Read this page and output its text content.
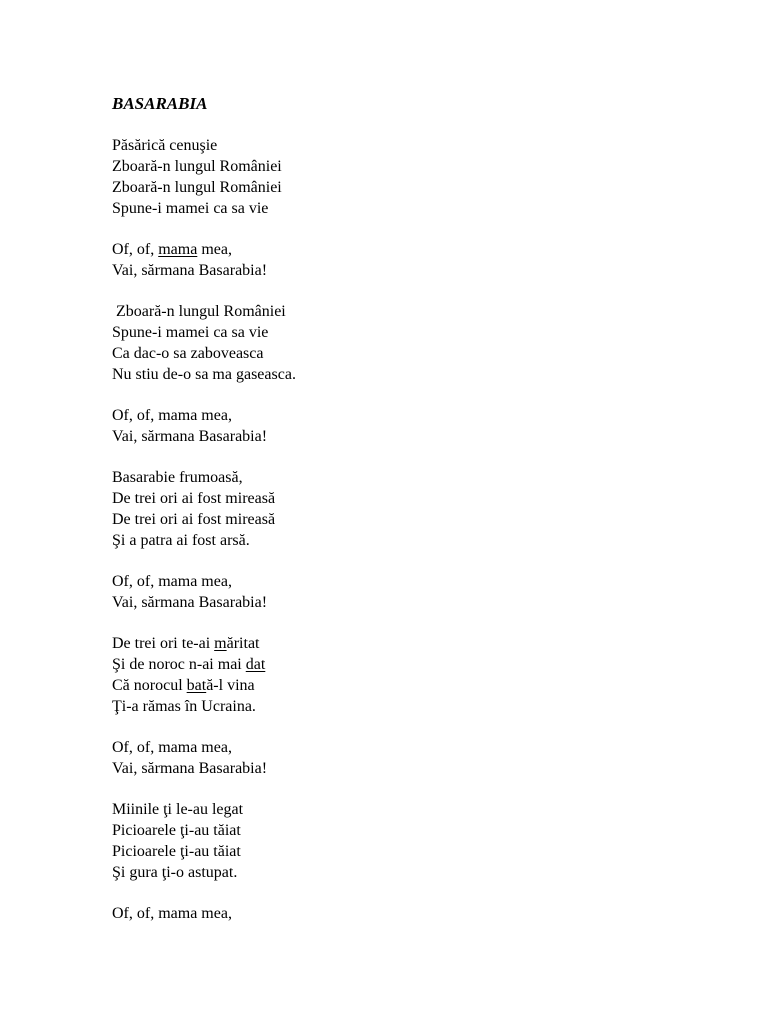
BASARABIA
Păsărică cenuşie
Zboară-n lungul României
Zboară-n lungul României
Spune-i mamei ca sa vie
Of, of, mama mea,
Vai, sărmana Basarabia!
Zboară-n lungul României
Spune-i mamei ca sa vie
Ca dac-o sa zaboveasca
Nu stiu de-o sa ma gaseasca.
Of, of, mama mea,
Vai, sărmana Basarabia!
Basarabie frumoasă,
De trei ori ai fost mireasă
De trei ori ai fost mireasă
Şi a patra ai fost arsă.
Of, of, mama mea,
Vai, sărmana Basarabia!
De trei ori te-ai măritat
Şi de noroc n-ai mai dat
Că norocul bată-l vina
Ţi-a rămas în Ucraina.
Of, of, mama mea,
Vai, sărmana Basarabia!
Miinile ţi le-au legat
Picioarele ţi-au tăiat
Picioarele ţi-au tăiat
Şi gura ţi-o astupat.
Of, of, mama mea,
